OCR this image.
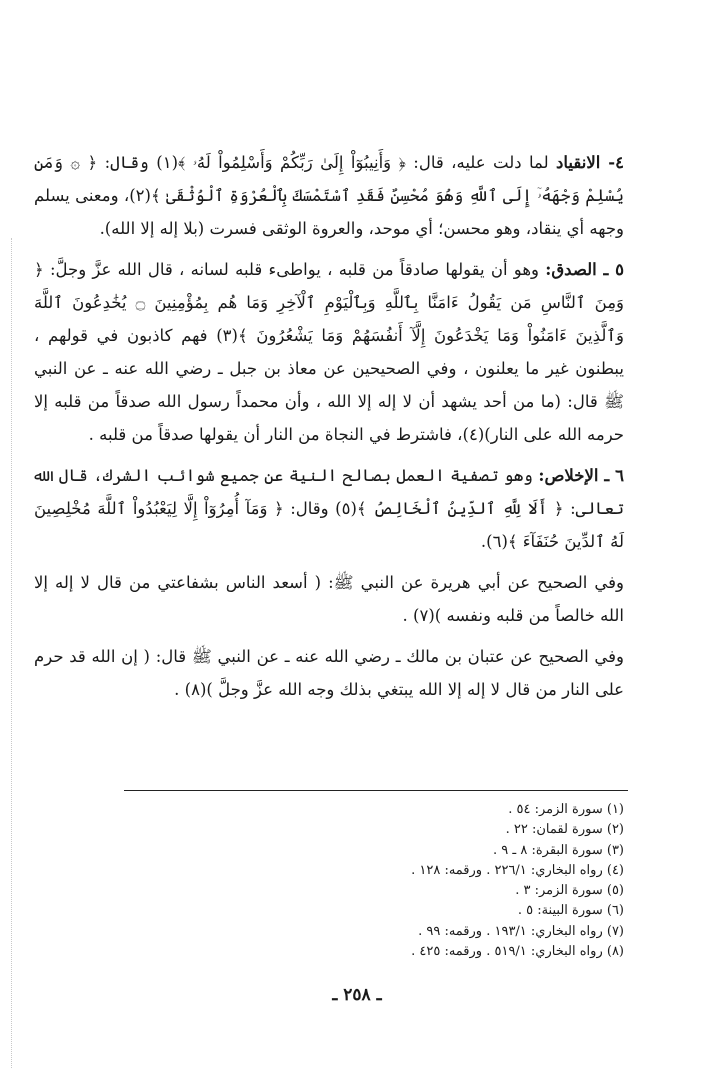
٤- الانقياد لما دلت عليه، قال: ﴿ وَأَنِيبُوٓاْ إِلَىٰ رَبِّكُمْ وَأَسْلِمُواْ لَهُۥ ﴾(١) وقال: ﴿ ۞ وَمَن يُسْلِمْ وَجْهَهُۥٓ إِلَى ٱللَّهِ وَهُوَ مُحْسِنٌ فَقَدِ ٱسْتَمْسَكَ بِٱلْعُرْوَةِ ٱلْوُثْقَىٰ ﴾(٢)، ومعنى يسلم وجهه أي ينقاد، وهو محسن؛ أي موحد، والعروة الوثقى فسرت (بلا إله إلا الله).

٥ ـ الصدق: وهو أن يقولها صادقاً من قلبه ، يواطىء قلبه لسانه ، قال الله عزَّ وجلَّ: ﴿ وَمِنَ ٱلنَّاسِ مَن يَقُولُ ءَامَنَّا بِٱللَّهِ وَبِٱلْيَوْمِ ٱلْآخِرِ وَمَا هُم بِمُؤْمِنِينَ ۝ يُخَٰدِعُونَ ٱللَّهَ وَٱلَّذِينَ ءَامَنُواْ وَمَا يَخْدَعُونَ إِلَّآ أَنفُسَهُمْ وَمَا يَشْعُرُونَ ﴾(٣) فهم كاذبون في قولهم ، يبطنون غير ما يعلنون ، وفي الصحيحين عن معاذ بن جبل ـ رضي الله عنه ـ عن النبي ﷺ قال: (ما من أحد يشهد أن لا إله إلا الله ، وأن محمداً رسول الله صدقاً من قلبه إلا حرمه الله على النار)(٤)، فاشترط في النجاة من النار أن يقولها صدقاً من قلبه .

٦ ـ الإخلاص: وهو تصفية العمل بصالح النية عن جميع شوائب الشرك، قال الله تعالى: ﴿ أَلَا لِلَّهِ ٱلدِّينُ ٱلْخَالِصُ ﴾(٥) وقال: ﴿ وَمَآ أُمِرُوٓاْ إِلَّا لِيَعْبُدُواْ ٱللَّهَ مُخْلِصِينَ لَهُ ٱلدِّينَ حُنَفَآءَ ﴾(٦).

وفي الصحيح عن أبي هريرة عن النبي ﷺ: ( أسعد الناس بشفاعتي من قال لا إله إلا الله خالصاً من قلبه ونفسه )(٧) .

وفي الصحيح عن عتبان بن مالك ـ رضي الله عنه ـ عن النبي ﷺ قال: ( إن الله قد حرم على النار من قال لا إله إلا الله يبتغي بذلك وجه الله عزَّ وجلَّ )(٨) .

(١) سورة الزمر: ٥٤ .
(٢) سورة لقمان: ٢٢ .
(٣) سورة البقرة: ٨ ـ ٩ .
(٤) رواه البخاري: ٢٢٦/١ . ورقمه: ١٢٨ .
(٥) سورة الزمر: ٣ .
(٦) سورة البينة: ٥ .
(٧) رواه البخاري: ١٩٣/١ . ورقمه: ٩٩ .
(٨) رواه البخاري: ٥١٩/١ . ورقمه: ٤٢٥ .
ـ ٢٥٨ ـ
